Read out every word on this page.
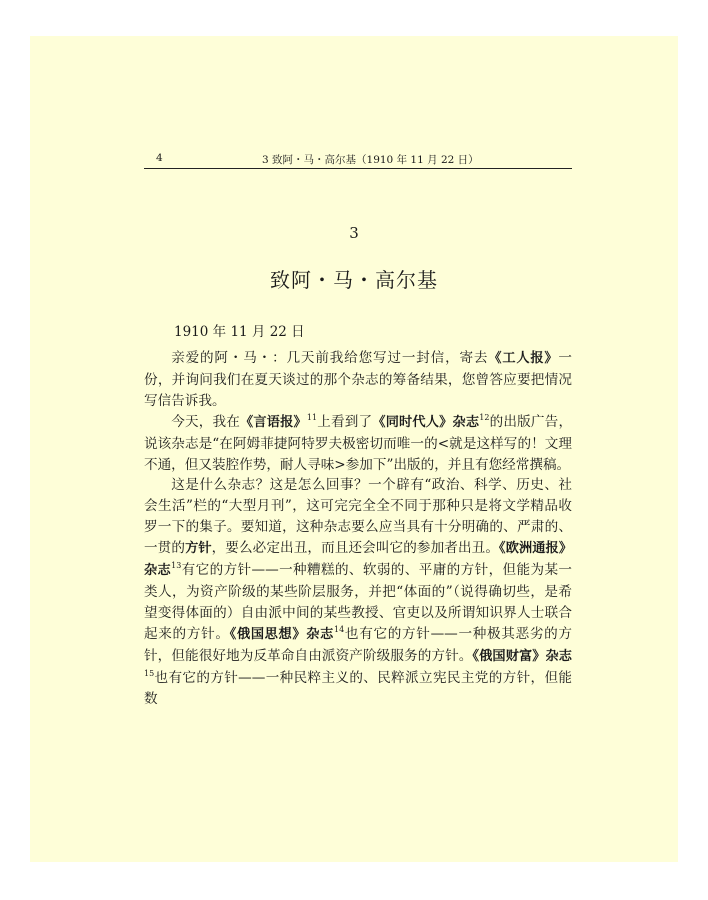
4	3 致阿・马・高尔基（1910 年 11 月 22 日）
3
致阿・马・高尔基
1910 年 11 月 22 日

亲爱的阿・马・：几天前我给您写过一封信，寄去《工人报》一份，并询问我们在夏天谈过的那个杂志的筹备结果，您曾答应要把情况写信告诉我。

今天，我在《言语报》$^{11}$上看到了《同时代人》杂志$^{12}$的出版广告，说该杂志是“在阿姆菲捷阿特罗夫极密切而唯一的<就是这样写的！文理不通，但又装腔作势，耐人寻味>参加下”出版的，并且有您经常撰稿。

这是什么杂志？这是怎么回事？一个辟有“政治、科学、历史、社会生活”栏的“大型月刊”，这可完完全全不同于那种只是将文学精品收罗一下的集子。要知道，这种杂志要么应当具有十分明确的、严肃的、一贯的方针，要么必定出丑，而且还会叫它的参加者出丑。《欧洲通报》杂志$^{13}$有它的方针——一种糟糕的、软弱的、平庸的方针，但能为某一类人，为资产阶级的某些阶层服务，并把“体面的”（说得确切些，是希望变得体面的）自由派中间的某些教授、官吏以及所谓知识界人士联合起来的方针。《俄国思想》杂志$^{14}$也有它的方针——一种极其恶劣的方针，但能很好地为反革命自由派资产阶级服务的方针。《俄国财富》杂志$^{15}$也有它的方针——一种民粹主义的、民粹派立宪民主党的方针，但能数
